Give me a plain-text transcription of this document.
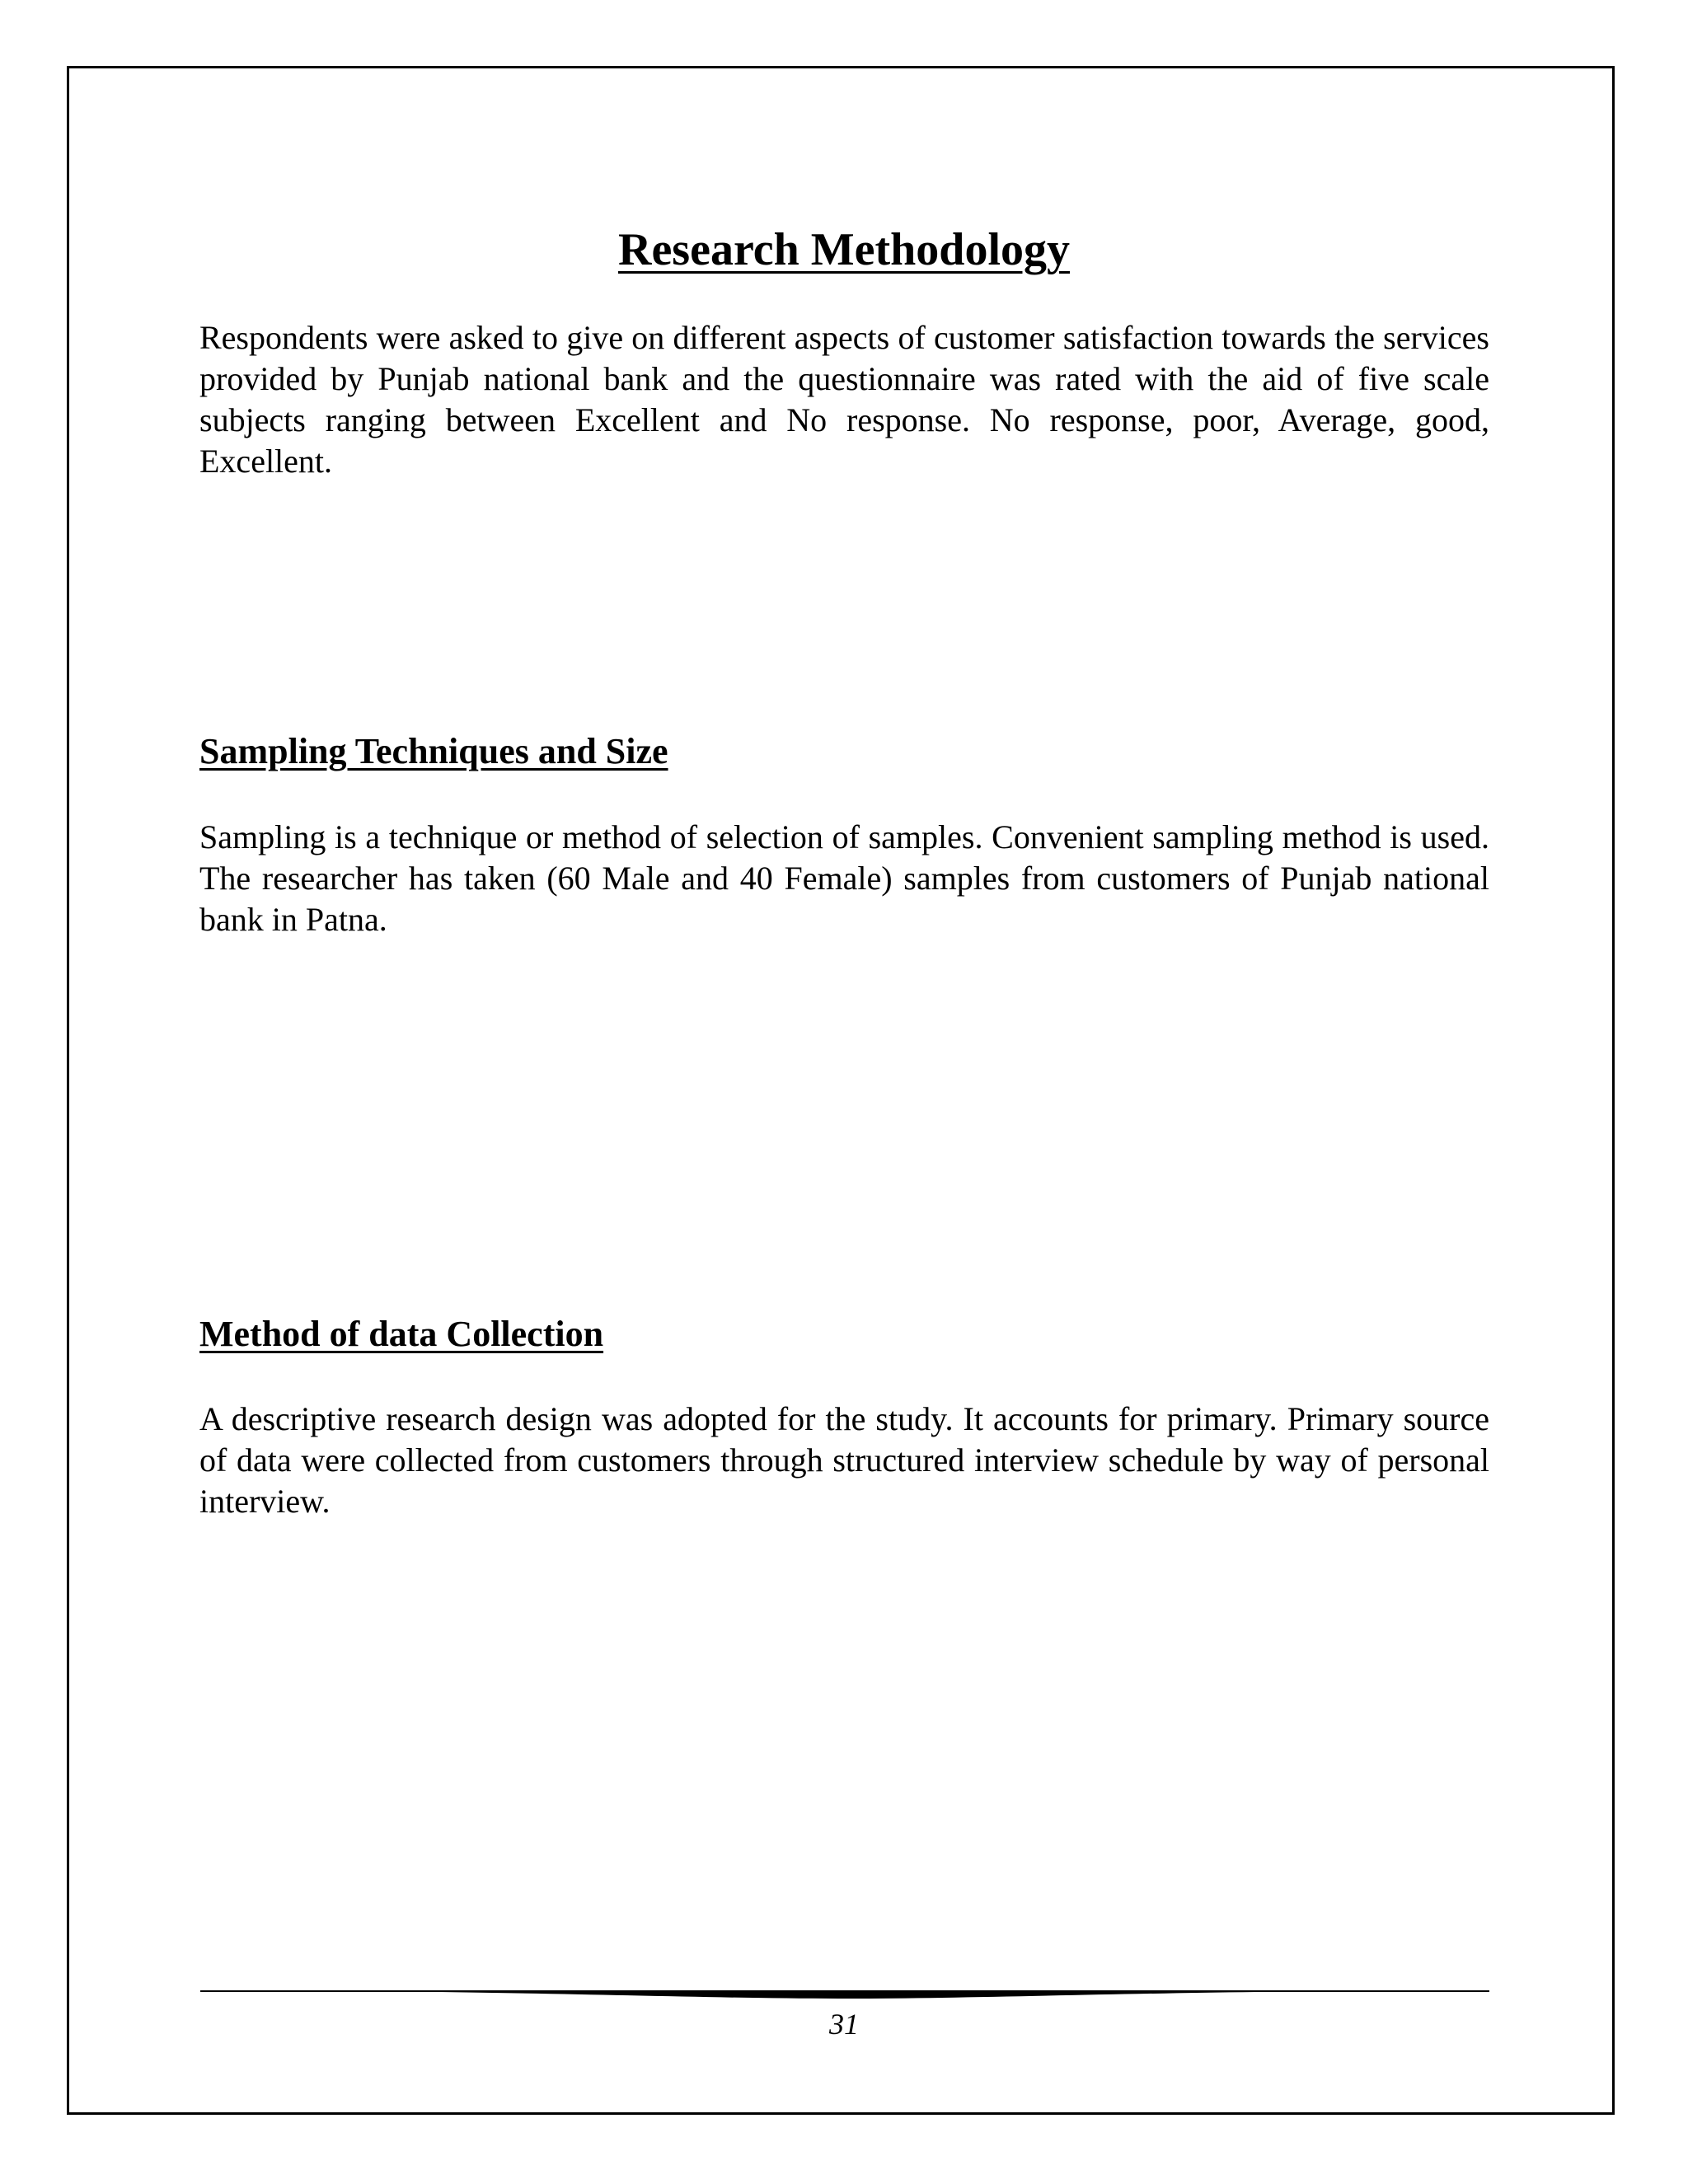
Research Methodology

Respondents were asked to give on different aspects of customer satisfaction towards the services provided by Punjab national bank and the questionnaire was rated with the aid of five scale subjects ranging between Excellent and No response. No response, poor, Average, good, Excellent.

Sampling Techniques and Size

Sampling is a technique or method of selection of samples. Convenient sampling method is used. The researcher has taken (60 Male and 40 Female) samples from customers of Punjab national bank in Patna.

Method of data Collection

A descriptive research design was adopted for the study. It accounts for primary. Primary source of data were collected from customers through structured interview schedule by way of personal interview.

31
